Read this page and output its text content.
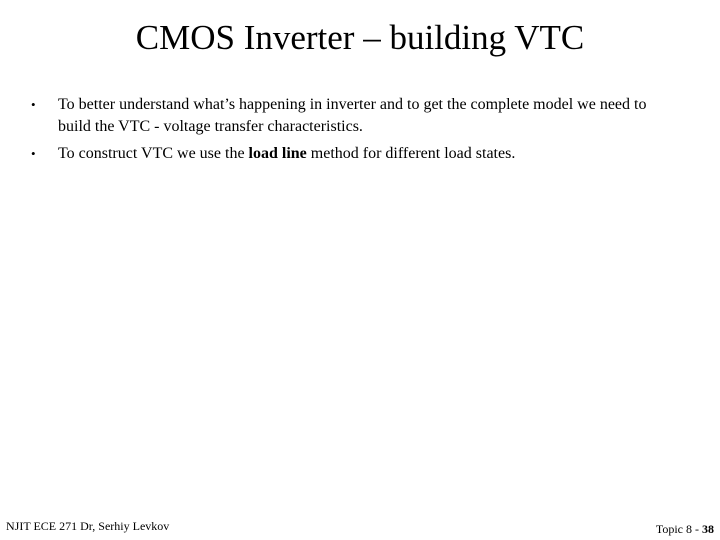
CMOS Inverter – building VTC
• To better understand what’s happening in inverter and to get the complete model we need to build the VTC - voltage transfer characteristics.
• To construct VTC we use the load line method for different load states.
NJIT ECE 271 Dr, Serhiy Levkov	Topic 8 - 38
